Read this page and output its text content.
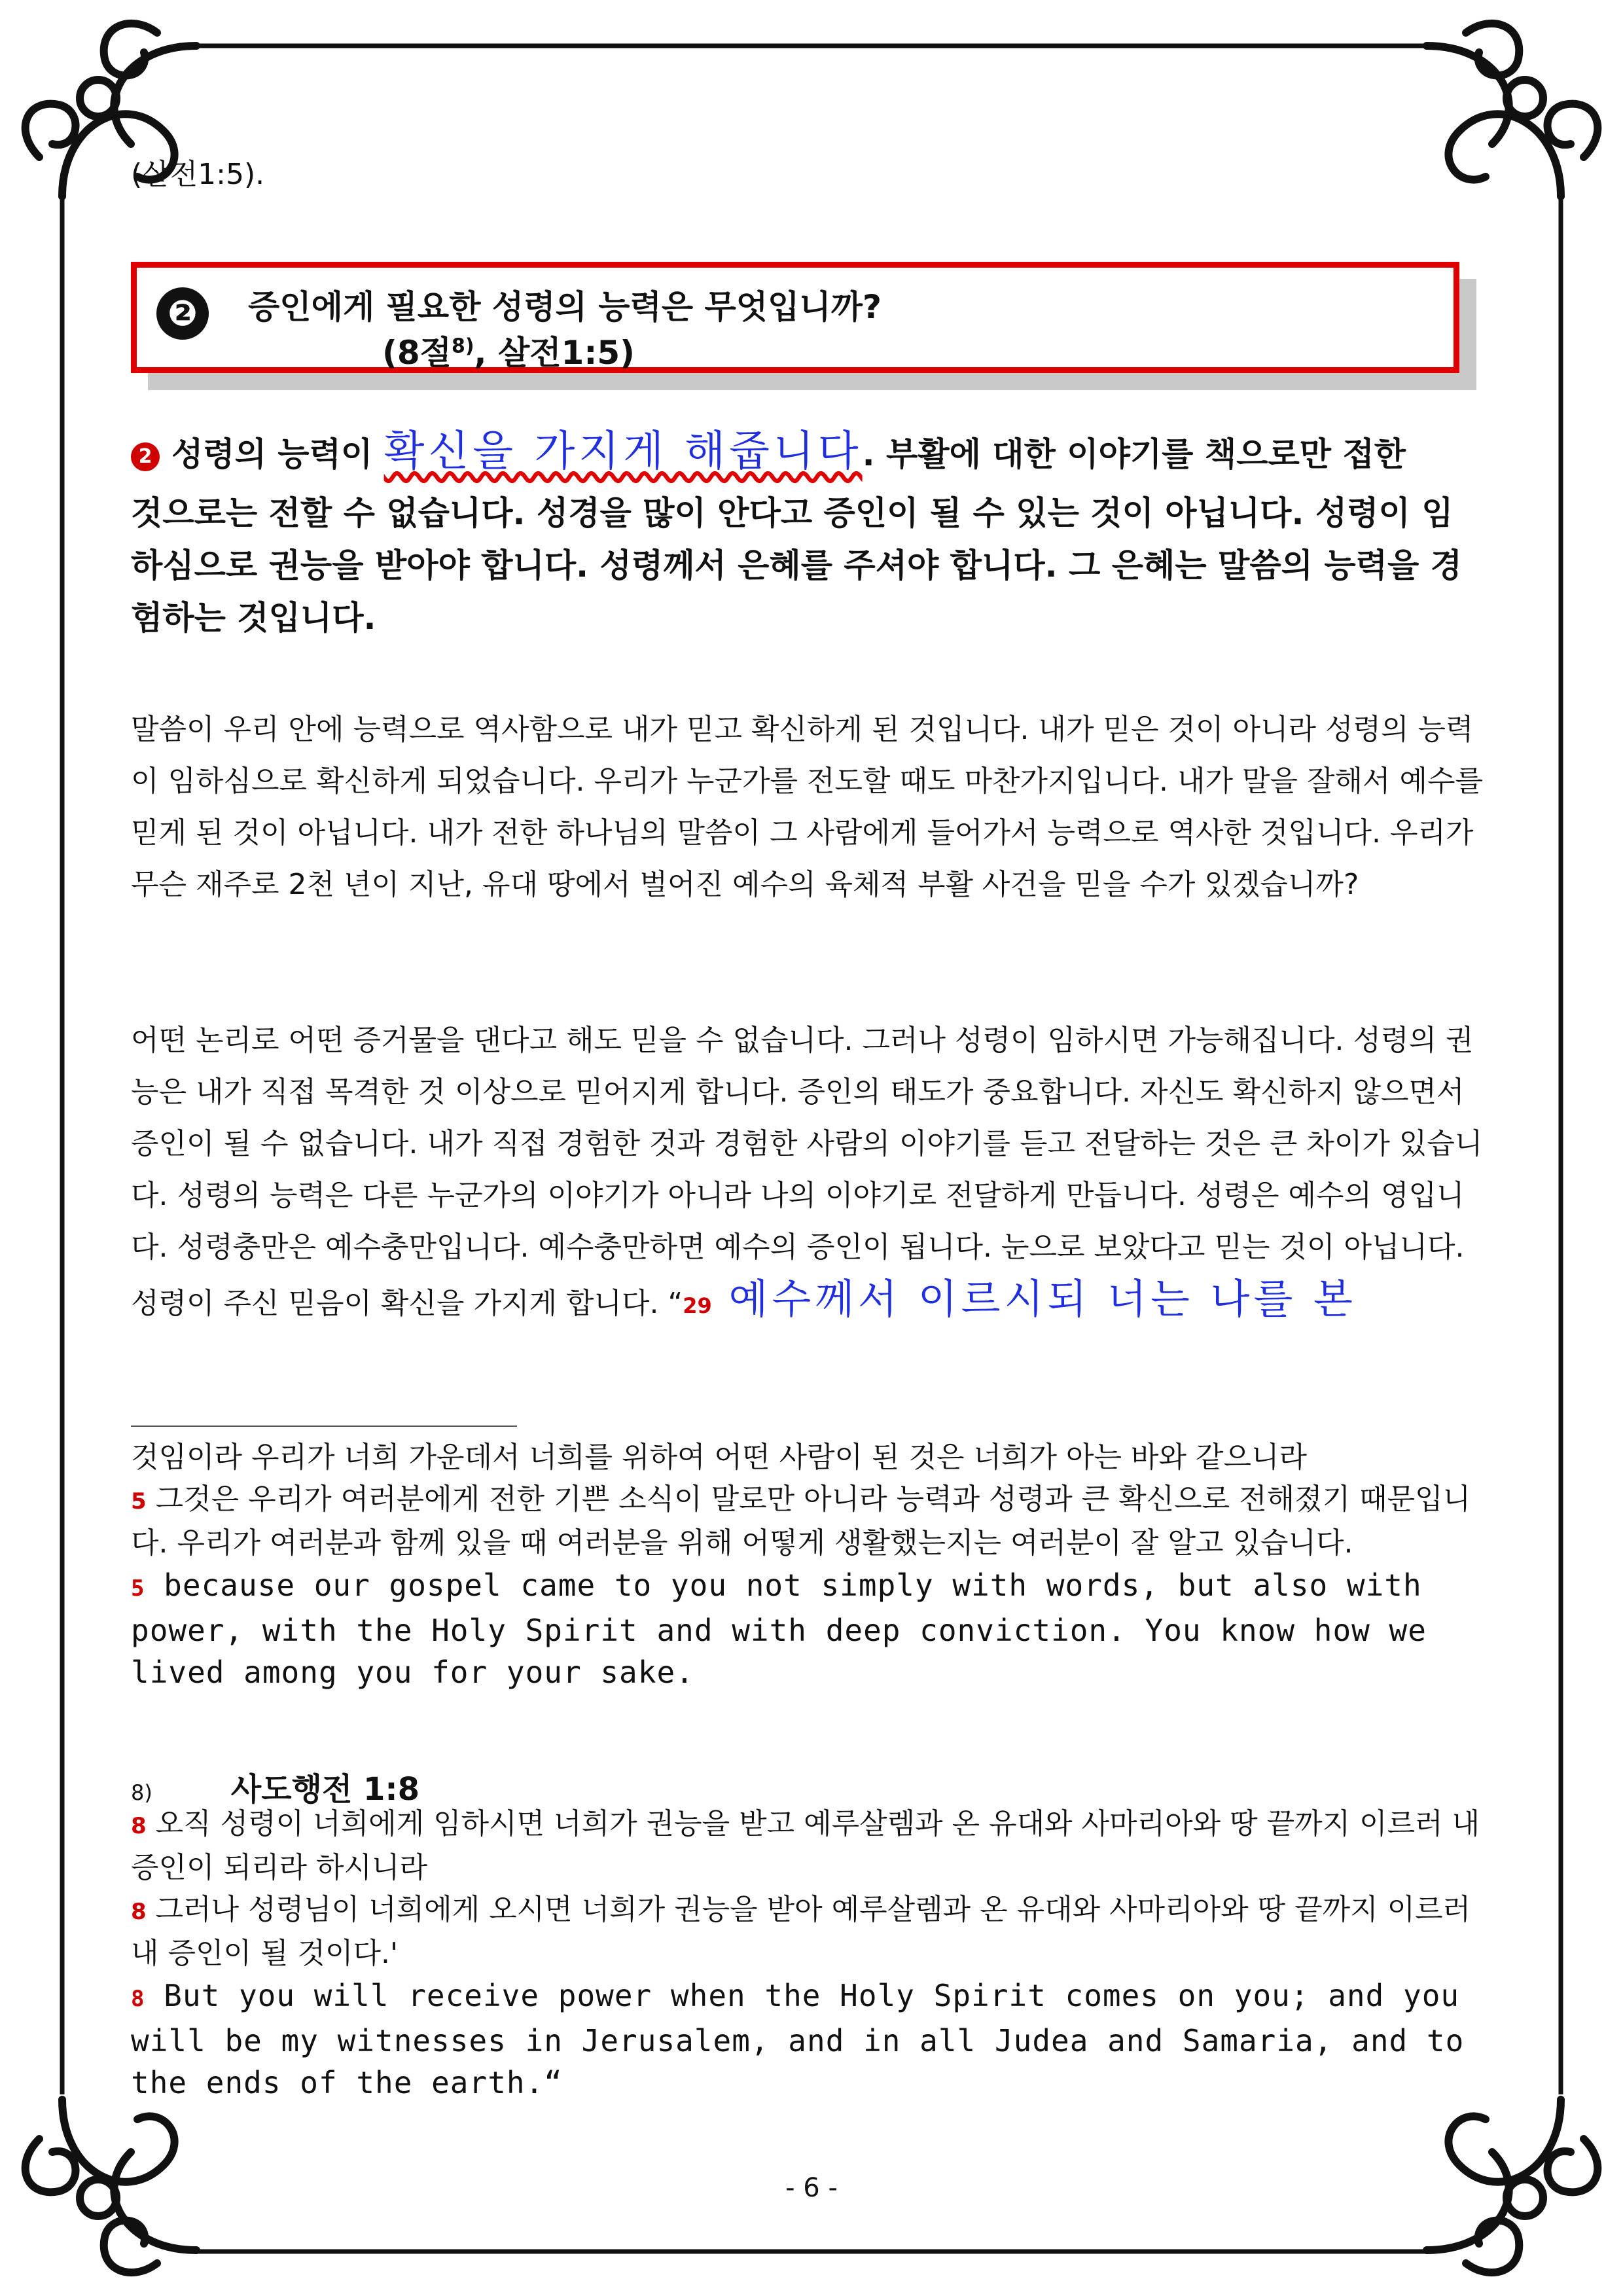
(살전1:5).
❷	증인에게 필요한 성령의 능력은 무엇입니까?
(8절$^{8)}$, 살전1:5)
2 성령의 능력이 확신을 가지게 해줍니다. 부활에 대한 이야기를 책으로만 접한
것으로는 전할 수 없습니다. 성경을 많이 안다고 증인이 될 수 있는 것이 아닙니다. 성령이 임하심으로 권능을 받아야 합니다. 성령께서 은혜를 주셔야 합니다. 그 은혜는 말씀의 능력을 경험하는 것입니다.
말씀이 우리 안에 능력으로 역사함으로 내가 믿고 확신하게 된 것입니다. 내가 믿은 것이 아니라 성령의 능력이 임하심으로 확신하게 되었습니다. 우리가 누군가를 전도할 때도 마찬가지입니다. 내가 말을 잘해서 예수를 믿게 된 것이 아닙니다. 내가 전한 하나님의 말씀이 그 사람에게 들어가서 능력으로 역사한 것입니다. 우리가 무슨 재주로 2천 년이 지난, 유대 땅에서 벌어진 예수의 육체적 부활 사건을 믿을 수가 있겠습니까?
어떤 논리로 어떤 증거물을 댄다고 해도 믿을 수 없습니다. 그러나 성령이 임하시면 가능해집니다. 성령의 권능은 내가 직접 목격한 것 이상으로 믿어지게 합니다. 증인의 태도가 중요합니다. 자신도 확신하지 않으면서 증인이 될 수 없습니다. 내가 직접 경험한 것과 경험한 사람의 이야기를 듣고 전달하는 것은 큰 차이가 있습니다. 성령의 능력은 다른 누군가의 이야기가 아니라 나의 이야기로 전달하게 만듭니다. 성령은 예수의 영입니다. 성령충만은 예수충만입니다. 예수충만하면 예수의 증인이 됩니다. 눈으로 보았다고 믿는 것이 아닙니다. 성령이 주신 믿음이 확신을 가지게 합니다. “29 예수께서 이르시되 너는 나를 본
것임이라 우리가 너희 가운데서 너희를 위하여 어떤 사람이 된 것은 너희가 아는 바와 같으니라
5 그것은 우리가 여러분에게 전한 기쁜 소식이 말로만 아니라 능력과 성령과 큰 확신으로 전해졌기 때문입니다. 우리가 여러분과 함께 있을 때 여러분을 위해 어떻게 생활했는지는 여러분이 잘 알고 있습니다.
5 because our gospel came to you not simply with words, but also with power, with the Holy Spirit and with deep conviction. You know how we lived among you for your sake.
8)	사도행전 1:8
8 오직 성령이 너희에게 임하시면 너희가 권능을 받고 예루살렘과 온 유대와 사마리아와 땅 끝까지 이르러 내 증인이 되리라 하시니라
8 그러나 성령님이 너희에게 오시면 너희가 권능을 받아 예루살렘과 온 유대와 사마리아와 땅 끝까지 이르러 내 증인이 될 것이다.'
8 But you will receive power when the Holy Spirit comes on you; and you will be my witnesses in Jerusalem, and in all Judea and Samaria, and to the ends of the earth.“
- 6 -
